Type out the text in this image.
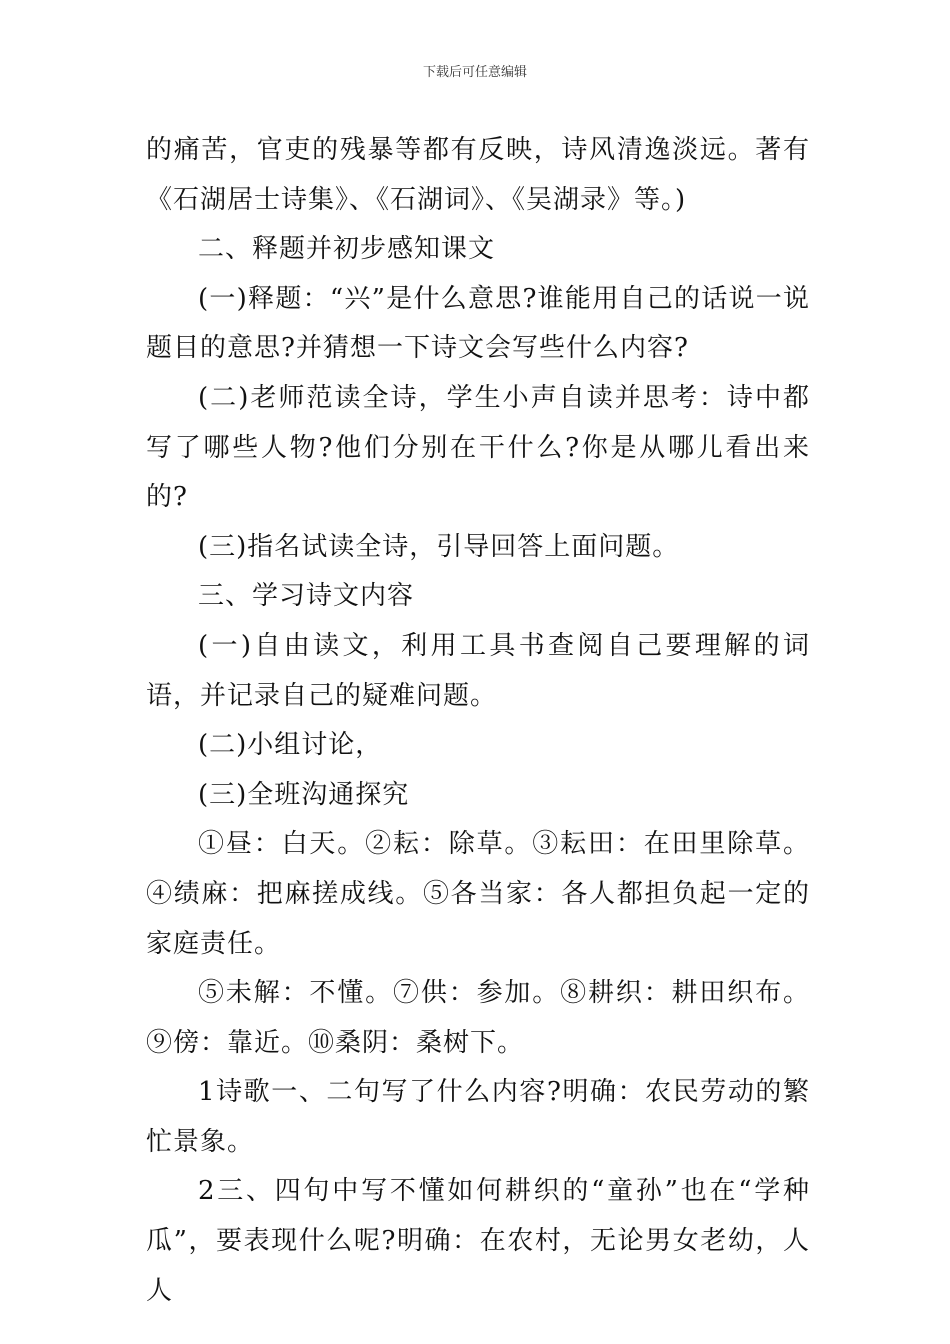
下载后可任意编辑

的痛苦，官吏的残暴等都有反映，诗风清逸淡远。著有《石湖居士诗集》、《石湖词》、《吴湖录》等。)

二、释题并初步感知课文

(一)释题：“兴”是什么意思?谁能用自己的话说一说题目的意思?并猜想一下诗文会写些什么内容?

(二)老师范读全诗，学生小声自读并思考：诗中都写了哪些人物?他们分别在干什么?你是从哪儿看出来的?

(三)指名试读全诗，引导回答上面问题。

三、学习诗文内容

(一)自由读文，利用工具书查阅自己要理解的词语，并记录自己的疑难问题。

(二)小组讨论，

(三)全班沟通探究

①昼：白天。②耘：除草。③耘田：在田里除草。④绩麻：把麻搓成线。⑤各当家：各人都担负起一定的家庭责任。

⑤未解：不懂。⑦供：参加。⑧耕织：耕田织布。⑨傍：靠近。⑩桑阴：桑树下。

1诗歌一、二句写了什么内容?明确：农民劳动的繁忙景象。

2三、四句中写不懂如何耕织的“童孙”也在“学种瓜”，要表现什么呢?明确：在农村，无论男女老幼，人人
